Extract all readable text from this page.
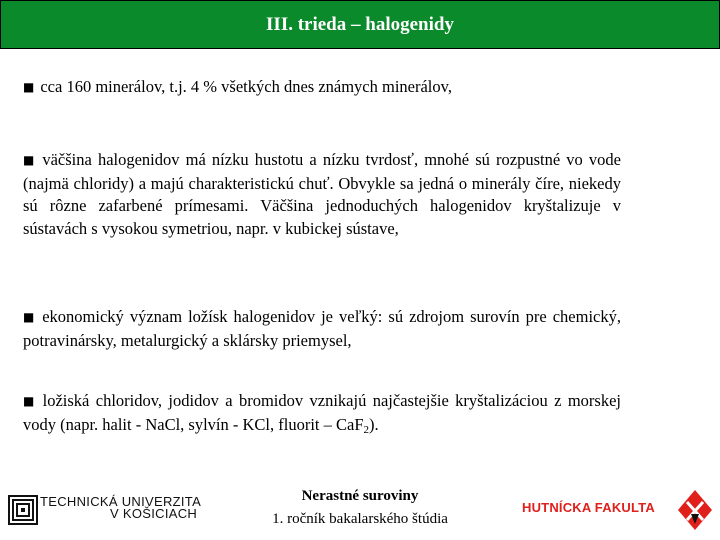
III. trieda – halogenidy

■ cca 160 minerálov, t.j. 4 % všetkých dnes známych minerálov,

■ väčšina halogenidov má nízku hustotu a nízku tvrdosť, mnohé sú rozpustné vo vode (najmä chloridy) a majú charakteristickú chuť. Obvykle sa jedná o minerály číre, niekedy sú rôzne zafarbené prímesami. Väčšina jednoduchých halogenidov kryštalizuje v sústavách s vysokou symetriou, napr. v kubickej sústave,

■ ekonomický význam ložísk halogenidov je veľký: sú zdrojom surovín pre chemický, potravinársky, metalurgický a sklársky priemysel,

■ ložiská chloridov, jodidov a bromidov vznikajú najčastejšie kryštalizáciou z morskej vody (napr. halit - NaCl, sylvín - KCl, fluorit – CaF$_2$).

TECHNICKÁ UNIVERZITA
V KOŠICIACH
Nerastné suroviny
1. ročník bakalarského štúdia
HUTNÍCKA FAKULTA
